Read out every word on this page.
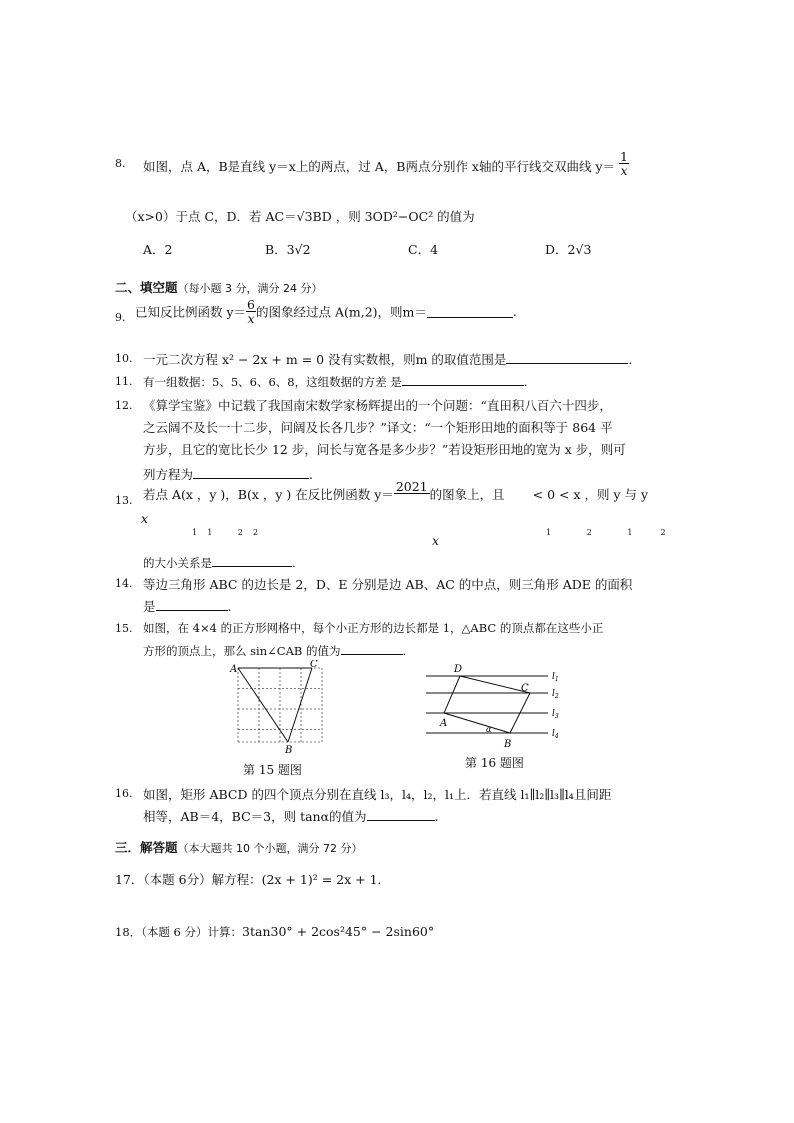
8. 如图，点 A，B是直线 y＝x上的两点，过 A，B两点分别作 x轴的平行线交双曲线 $y= \frac{1}{x}$
（x>0）于点 C，D．若 AC＝√3BD ，则 3OD²−OC² 的值为
A．2	B．3√2	C．4	D．2√3
二、填空题（每小题 3 分，满分 24 分）
9. 已知反比例函数 $y= \frac{6}{x}$ 的图象经过点 A(m,2)，则m＝	.
10. 一元二次方程 x² − 2x + m = 0 没有实数根，则m 的取值范围是	.
11. 有一组数据：5、5、6、6、8，这组数据的方差 是	.
12. 《算学宝鉴》中记载了我国南宋数学家杨辉提出的一个问题：“直田积八百六十四步，
之云阔不及长一十二步，问阔及长各几步？”译文：“一个矩形田地的面积等于 864 平
方步，且它的宽比长少 12 步，问长与宽各是多少步？”若设矩形田地的宽为 x 步，则可
列方程为	.
13. 若点 A(x ，y )，B(x ，y ) 在反比例函数 y＝
2021
的图象上，且 < 0 < x ，则 y 与 y
x
1    1          2    2
x
1              2              1           2
的大小关系是	.
14. 等边三角形 ABC 的边长是 2，D、E 分别是边 AB、AC 的中点，则三角形 ADE 的面积
是	.
15. 如图，在 4×4 的正方形网格中，每个小正方形的边长都是 1，△ABC 的顶点都在这些小正
方形的顶点上，那么 sin∠CAB 的值为	.
A	C
B
第 15 题图
D
C
A
B
α
$l_1$
$l_2$
$l_3$
$l_4$
第 16 题图
16. 如图，矩形 ABCD 的四个顶点分别在直线 l₃，l₄，l₂，l₁上．若直线 l₁∥l₂∥l₃∥l₄且间距
相等，AB＝4，BC＝3，则 tanα的值为	.
三．解答题（本大题共 10 个小题，满分 72 分）
17．（本题 6分）解方程：(2x + 1)² = 2x + 1．
18．（本题 6 分）计算：3tan30° + 2cos²45° − 2sin60°
